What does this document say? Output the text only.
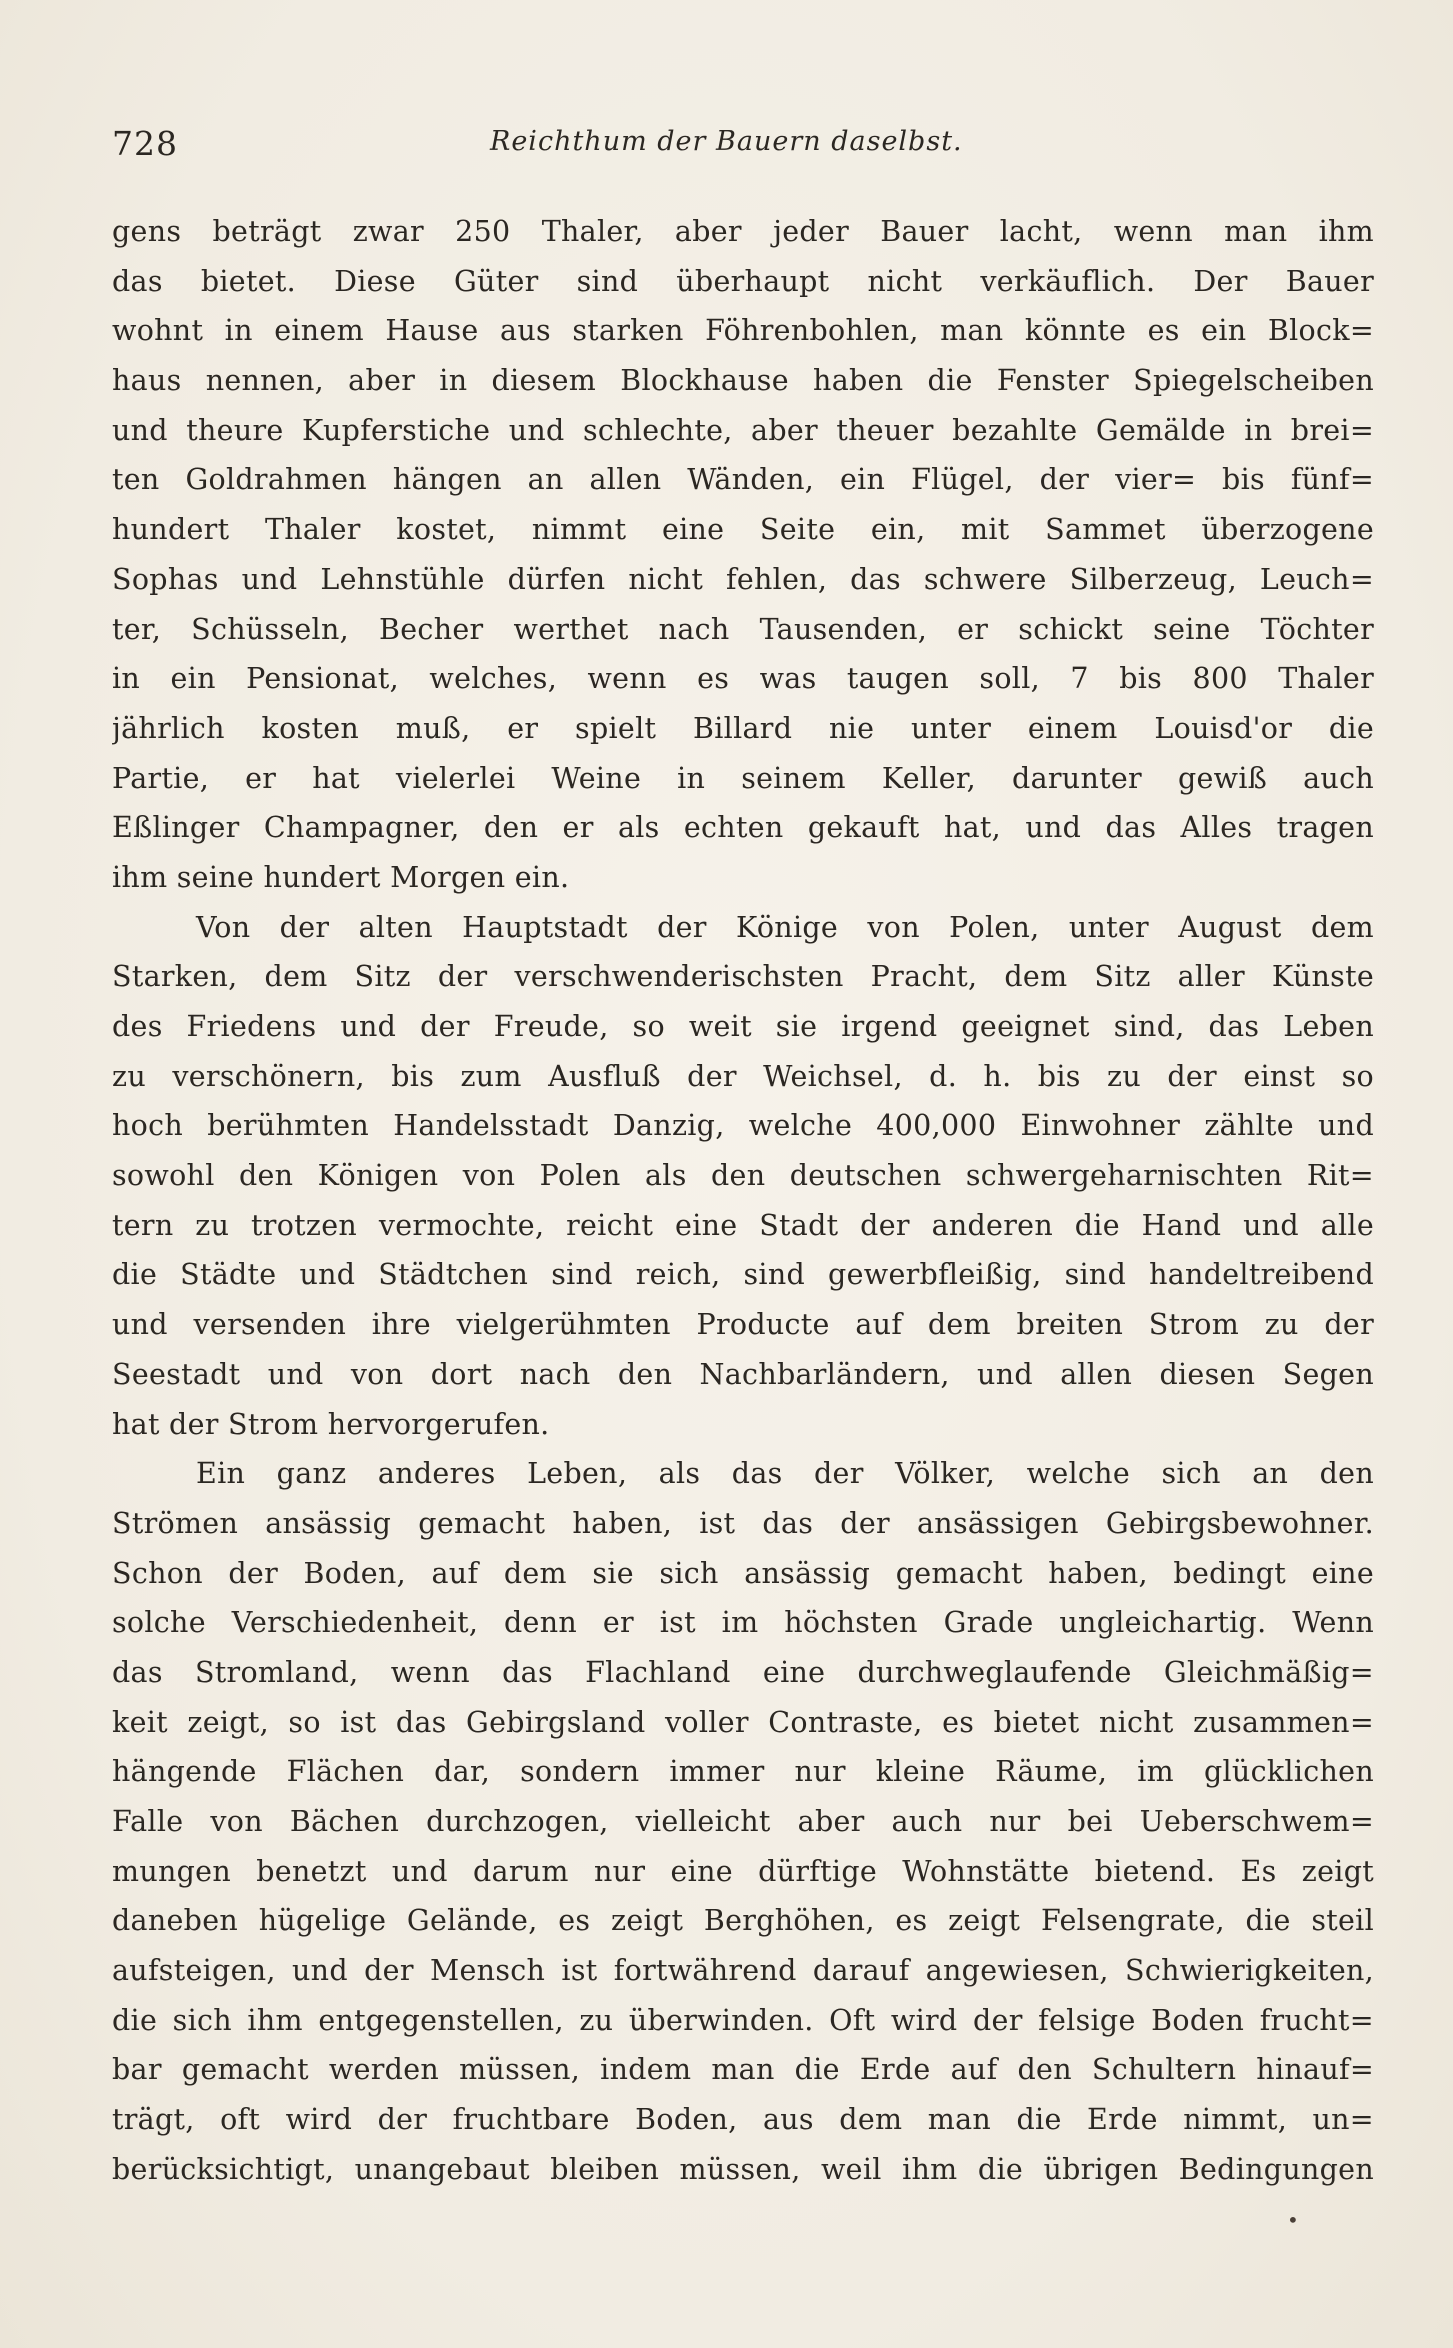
728	Reichthum der Bauern daselbst.
gens beträgt zwar 250 Thaler, aber jeder Bauer lacht, wenn man ihm
das bietet. Diese Güter sind überhaupt nicht verkäuflich. Der Bauer
wohnt in einem Hause aus starken Föhrenbohlen, man könnte es ein Block=
haus nennen, aber in diesem Blockhause haben die Fenster Spiegelscheiben
und theure Kupferstiche und schlechte, aber theuer bezahlte Gemälde in brei=
ten Goldrahmen hängen an allen Wänden, ein Flügel, der vier= bis fünf=
hundert Thaler kostet, nimmt eine Seite ein, mit Sammet überzogene
Sophas und Lehnstühle dürfen nicht fehlen, das schwere Silberzeug, Leuch=
ter, Schüsseln, Becher werthet nach Tausenden, er schickt seine Töchter
in ein Pensionat, welches, wenn es was taugen soll, 7 bis 800 Thaler
jährlich kosten muß, er spielt Billard nie unter einem Louisd'or die
Partie, er hat vielerlei Weine in seinem Keller, darunter gewiß auch
Eßlinger Champagner, den er als echten gekauft hat, und das Alles tragen
ihm seine hundert Morgen ein.
Von der alten Hauptstadt der Könige von Polen, unter August dem
Starken, dem Sitz der verschwenderischsten Pracht, dem Sitz aller Künste
des Friedens und der Freude, so weit sie irgend geeignet sind, das Leben
zu verschönern, bis zum Ausfluß der Weichsel, d. h. bis zu der einst so
hoch berühmten Handelsstadt Danzig, welche 400,000 Einwohner zählte und
sowohl den Königen von Polen als den deutschen schwergeharnischten Rit=
tern zu trotzen vermochte, reicht eine Stadt der anderen die Hand und alle
die Städte und Städtchen sind reich, sind gewerbfleißig, sind handeltreibend
und versenden ihre vielgerühmten Producte auf dem breiten Strom zu der
Seestadt und von dort nach den Nachbarländern, und allen diesen Segen
hat der Strom hervorgerufen.
Ein ganz anderes Leben, als das der Völker, welche sich an den
Strömen ansässig gemacht haben, ist das der ansässigen Gebirgsbewohner.
Schon der Boden, auf dem sie sich ansässig gemacht haben, bedingt eine
solche Verschiedenheit, denn er ist im höchsten Grade ungleichartig. Wenn
das Stromland, wenn das Flachland eine durchweglaufende Gleichmäßig=
keit zeigt, so ist das Gebirgsland voller Contraste, es bietet nicht zusammen=
hängende Flächen dar, sondern immer nur kleine Räume, im glücklichen
Falle von Bächen durchzogen, vielleicht aber auch nur bei Ueberschwem=
mungen benetzt und darum nur eine dürftige Wohnstätte bietend. Es zeigt
daneben hügelige Gelände, es zeigt Berghöhen, es zeigt Felsengrate, die steil
aufsteigen, und der Mensch ist fortwährend darauf angewiesen, Schwierigkeiten,
die sich ihm entgegenstellen, zu überwinden. Oft wird der felsige Boden frucht=
bar gemacht werden müssen, indem man die Erde auf den Schultern hinauf=
trägt, oft wird der fruchtbare Boden, aus dem man die Erde nimmt, un=
berücksichtigt, unangebaut bleiben müssen, weil ihm die übrigen Bedingungen
•
